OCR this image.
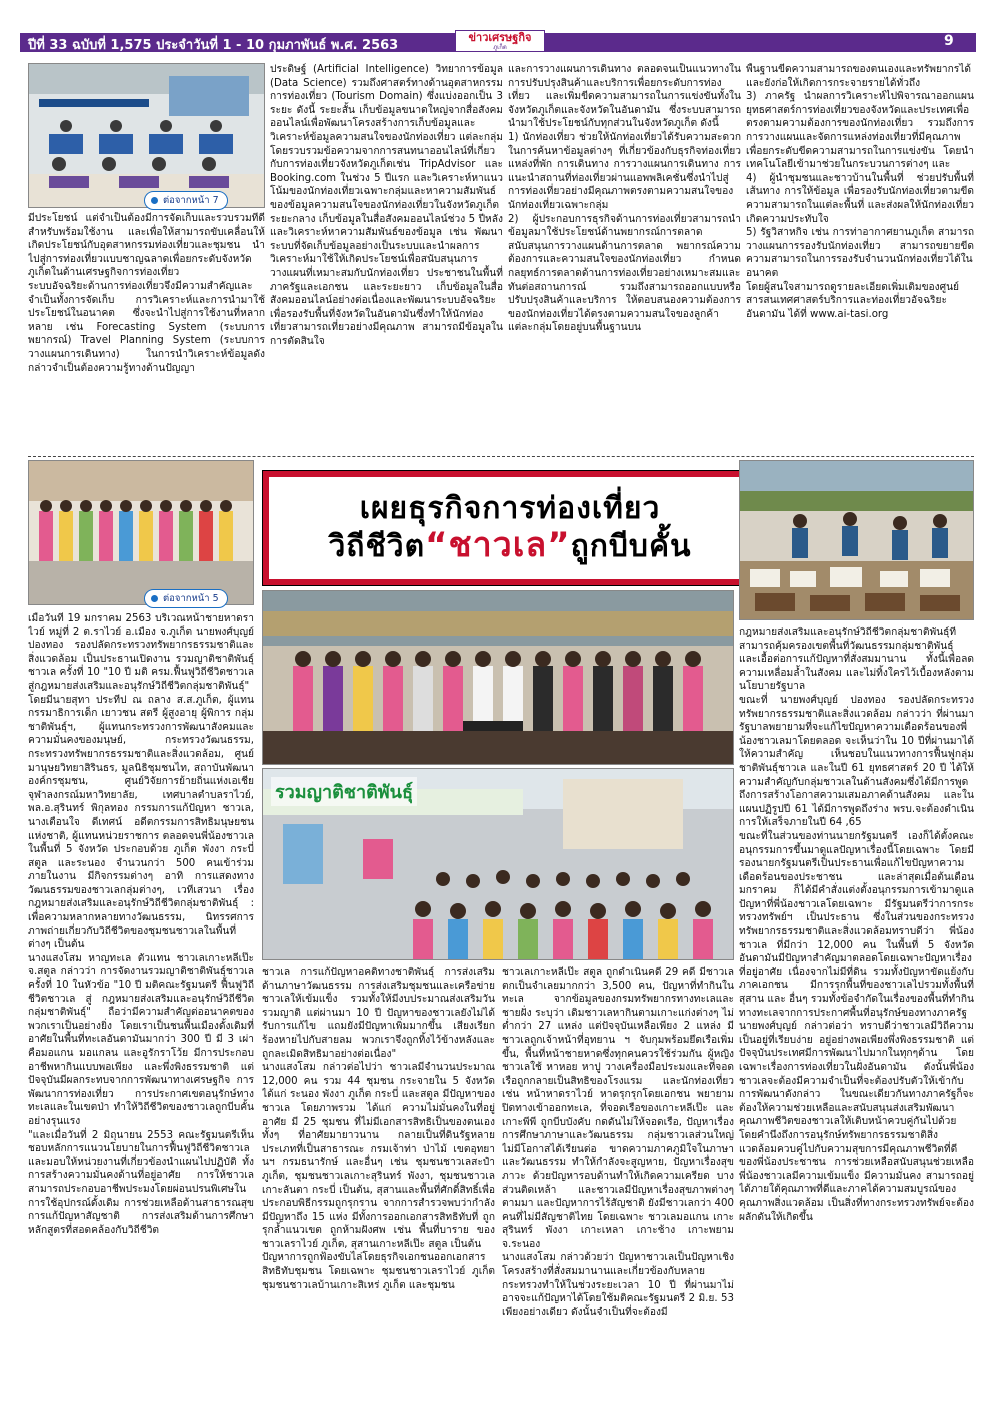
ปีที่ 33 ฉบับที่ 1,575 ประจำวันที่ 1 - 10 กุมภาพันธ์ พ.ศ. 2563
ข่าวเศรษฐกิจ
ภูเก็ต	9
ต่อจากหน้า 7

มีประโยชน์ แต่จำเป็นต้องมีการจัดเก็บและรวบรวมที่ดีสำหรับพร้อมใช้งาน และเพื่อให้สามารถขับเคลื่อนให้เกิดประโยชน์กับอุตสาหกรรมท่องเที่ยวและชุมชน นำไปสู่การท่องเที่ยวแบบชาญฉลาดเพื่อยกระดับจังหวัดภูเก็ตในด้านเศรษฐกิจการท่องเที่ยว
ระบบอัจฉริยะด้านการท่องเที่ยวจึงมีความสำคัญและจำเป็นทั้งการจัดเก็บ การวิเคราะห์และการนำมาใช้ประโยชน์ในอนาคต ซึ่งจะนำไปสู่การใช้งานที่หลากหลาย เช่น Forecasting System (ระบบการพยากรณ์) Travel Planning System (ระบบการวางแผนการเดินทาง) ในการนำวิเคราะห์ข้อมูลดังกล่าวจำเป็นต้องความรู้ทางด้านปัญญา

ประดิษฐ์ (Artificial Intelligence) วิทยาการข้อมูล (Data Science) รวมถึงศาสตร์ทางด้านอุตสาหกรรมการท่องเที่ยว (Tourism Domain) ซึ่งแบ่งออกเป็น 3 ระยะ ดังนี้ ระยะสั้น เก็บข้อมูลขนาดใหญ่จากสื่อสังคมออนไลน์เพื่อพัฒนาโครงสร้างการเก็บข้อมูลและวิเคราะห์ข้อมูลความสนใจของนักท่องเที่ยว แต่ละกลุ่ม โดยรวบรวมข้อความจากการสนทนาออนไลน์ที่เกี่ยวกับการท่องเที่ยวจังหวัดภูเก็ตเช่น TripAdvisor และ Booking.com ในช่วง 5 ปีแรก และวิเคราะห์หาแนวโน้มของนักท่องเที่ยวเฉพาะกลุ่มและหาความสัมพันธ์ของข้อมูลความสนใจของนักท่องเที่ยวในจังหวัดภูเก็ต ระยะกลาง เก็บข้อมูลในสื่อสังคมออนไลน์ช่วง 5 ปีหลัง และวิเคราะห์หาความสัมพันธ์ของข้อมูล เช่น พัฒนาระบบที่จัดเก็บข้อมูลอย่างเป็นระบบและนำผลการวิเคราะห์มาใช้ให้เกิดประโยชน์เพื่อสนับสนุนการวางแผนที่เหมาะสมกับนักท่องเที่ยว ประชาชนในพื้นที่ ภาครัฐและเอกชน และระยะยาว เก็บข้อมูลในสื่อสังคมออนไลน์อย่างต่อเนื่องและพัฒนาระบบอัจฉริยะเพื่อรองรับพื้นที่จังหวัดในอันดามันซึ่งทำให้นักท่องเที่ยวสามารถเที่ยวอย่างมีคุณภาพ สามารถมีข้อมูลในการตัดสินใจ

และการวางแผนการเดินทาง ตลอดจนเป็นแนวทางในการปรับปรุงสินค้าและบริการเพื่อยกระดับการท่องเที่ยว และเพิ่มขีดความสามารถในการแข่งขันทั้งในจังหวัดภูเก็ตและจังหวัดในอันดามัน ซึ่งระบบสามารถนำมาใช้ประโยชน์กับทุกส่วนในจังหวัดภูเก็ต ดังนี้
1) นักท่องเที่ยว ช่วยให้นักท่องเที่ยวได้รับความสะดวกในการค้นหาข้อมูลต่างๆ ที่เกี่ยวข้องกับธุรกิจท่องเที่ยว แหล่งที่พัก การเดินทาง การวางแผนการเดินทาง การแนะนำสถานที่ท่องเที่ยวผ่านแอพพลิเคชั่นซึ่งนำไปสู่การท่องเที่ยวอย่างมีคุณภาพตรงตามความสนใจของนักท่องเที่ยวเฉพาะกลุ่ม
2) ผู้ประกอบการธุรกิจด้านการท่องเที่ยวสามารถนำข้อมูลมาใช้ประโยชน์ด้านพยากรณ์การตลาด สนับสนุนการวางแผนด้านการตลาด พยากรณ์ความต้องการและความสนใจของนักท่องเที่ยว กำหนดกลยุทธ์การตลาดด้านการท่องเที่ยวอย่างเหมาะสมและทันต่อสถานการณ์ รวมถึงสามารถออกแบบหรือปรับปรุงสินค้าและบริการ ให้ตอบสนองความต้องการของนักท่องเที่ยวได้ตรงตามความสนใจของลูกค้าแต่ละกลุ่มโดยอยู่บนพื้นฐานบน

พื้นฐานขีดความสามารถของตนเองและทรัพยากรได้ และยังก่อให้เกิดการกระจายรายได้ทั่วถึง
3) ภาครัฐ นำผลการวิเคราะห์ไปพิจารณาออกแผนยุทธศาสตร์การท่องเที่ยวของจังหวัดและประเทศเพื่อตรงตามความต้องการของนักท่องเที่ยว รวมถึงการการวางแผนและจัดการแหล่งท่องเที่ยวที่มีคุณภาพเพื่อยกระดับขีดความสามารถในการแข่งขัน โดยนำเทคโนโลยีเข้ามาช่วยในกระบวนการต่างๆ และ
4) ผู้นำชุมชนและชาวบ้านในพื้นที่ ช่วยปรับพื้นที่ เส้นทาง การให้ข้อมูล เพื่อรองรับนักท่องเที่ยวตามขีดความสามารถในแต่ละพื้นที่ และส่งผลให้นักท่องเที่ยวเกิดความประทับใจ
5) รัฐวิสาหกิจ เช่น การท่าอากาศยานภูเก็ต สามารถวางแผนการรองรับนักท่องเที่ยว สามารถขยายขีดความสามารถในการรองรับจำนวนนักท่องเที่ยวได้ในอนาคต
โดยผู้สนใจสามารถดูรายละเอียดเพิ่มเติมของศูนย์สารสนเทศศาสตร์บริการและท่องเที่ยวอัจฉริยะอันดามัน ได้ที่ www.ai-tasi.org

ต่อจากหน้า 5
เผยธุรกิจการท่องเที่ยว
วิถีชีวิต“ชาวเล”ถูกบีบคั้น
รวมญาติชาติพันธุ์

เมื่อวันที่ 19 มกราคม 2563 บริเวณหน้าชายหาดราไวย์ หมู่ที่ 2 ต.ราไวย์ อ.เมือง จ.ภูเก็ต นายพงศ์บุญย์ ปองทอง รองปลัดกระทรวงทรัพยากรธรรมชาติและสิ่งแวดล้อม เป็นประธานเปิดงาน รวมญาติชาติพันธุ์ชาวเล ครั้งที่ 10 "10 ปี มติ ครม.ฟื้นฟูวิถีชีวิตชาวเล สู่กฎหมายส่งเสริมและอนุรักษ์วิถีชีวิตกลุ่มชาติพันธุ์" โดยมีนายสุทา ประทีป ณ ถลาง ส.ส.ภูเก็ต, ผู้แทนกรรมาธิการเด็ก เยาวชน สตรี ผู้สูงอายุ ผู้พิการ กลุ่มชาติพันธุ์ฯ, ผู้แทนกระทรวงการพัฒนาสังคมและความมั่นคงของมนุษย์, กระทรวงวัฒนธรรม, กระทรวงทรัพยากรธรรมชาติและสิ่งแวดล้อม, ศูนย์มานุษยวิทยาสิรินธร, มูลนิธิชุมชนไท, สถาบันพัฒนาองค์กรชุมชน, ศูนย์วิจัยการย้ายถิ่นแห่งเอเชีย จุฬาลงกรณ์มหาวิทยาลัย, เทศบาลตำบลราไวย์, พล.อ.สุรินทร์ พิกุลทอง กรรมการแก้ปัญหา ชาวเล, นางเตือนใจ ดีเทศน์ อดีตกรรมการสิทธิมนุษยชนแห่งชาติ, ผู้แทนหน่วยราชการ ตลอดจนพี่น้องชาวเลในพื้นที่ 5 จังหวัด ประกอบด้วย ภูเก็ต พังงา กระบี่ สตูล และระนอง จำนวนกว่า 500 คนเข้าร่วม ภายในงาน มีกิจกรรมต่างๆ อาทิ การแสดงทางวัฒนธรรมของชาวเลกลุ่มต่างๆ, เวทีเสวนา เรื่อง กฎหมายส่งเสริมและอนุรักษ์วิถีชีวิตกลุ่มชาติพันธุ์ : เพื่อความหลากหลายทางวัฒนธรรม, นิทรรศการภาพถ่ายเกี่ยวกับวิถีชีวิตของชุมชนชาวเลในพื้นที่ต่างๆ เป็นต้น
นางแสงโสม หาญทะเล ตัวแทน ชาวเลเกาะหลีเป๊ะ จ.สตูล กล่าวว่า การจัดงานรวมญาติชาติพันธุ์ชาวเล ครั้งที่ 10 ในหัวข้อ "10 ปี มติคณะรัฐมนตรี ฟื้นฟูวิถีชีวิตชาวเล สู่ กฎหมายส่งเสริมและอนุรักษ์วิถีชีวิตกลุ่มชาติพันธุ์" ถือว่ามีความสำคัญต่ออนาคตของพวกเราเป็นอย่างยิ่ง โดยเราเป็นชนพื้นเมืองดั้งเดิมที่อาศัยในพื้นที่ทะเลอันดามันมากว่า 300 ปี มี 3 เผ่า คือมอแกน มอแกลน และอูรักราโว้ย มีการประกอบอาชีพหากินแบบพอเพียง และพึ่งพิงธรรมชาติ แต่ปัจจุบันมีผลกระทบจากการพัฒนาทางเศรษฐกิจ การพัฒนาการท่องเที่ยว การประกาศเขตอนุรักษ์ทางทะเลและในเขตป่า ทำให้วิถีชีวิตของชาวเลถูกบีบคั้นอย่างรุนแรง
"และเมื่อวันที่ 2 มิถุนายน 2553 คณะรัฐมนตรีเห็นชอบหลักการแนวนโยบายในการฟื้นฟูวิถีชีวิตชาวเล และมอบให้หน่วยงานที่เกี่ยวข้องนำแผนไปปฏิบัติ ทั้งการสร้างความมั่นคงด้านที่อยู่อาศัย การให้ชาวเลสามารถประกอบอาชีพประมงโดยผ่อนปรนพิเศษในการใช้อุปกรณ์ดั้งเดิม การช่วยเหลือด้านสาธารณสุข การแก้ปัญหาสัญชาติ การส่งเสริมด้านการศึกษาหลักสูตรที่สอดคล้องกับวิถีชีวิต

ชาวเล การแก้ปัญหาอคติทางชาติพันธุ์ การส่งเสริมด้านภาษาวัฒนธรรม การส่งเสริมชุมชนและเครือข่ายชาวเลให้เข้มแข็ง รวมทั้งให้มีงบประมาณส่งเสริมวันรวมญาติ แต่ผ่านมา 10 ปี ปัญหาของชาวเลยังไม่ได้รับการแก้ไข แถมยังมีปัญหาเพิ่มมากขึ้น เสียงเรียกร้องหายไปกับสายลม พวกเราจึงถูกทิ้งไว้ข้างหลังและถูกละเมิดสิทธิมาอย่างต่อเนื่อง"
นางแสงโสม กล่าวต่อไปว่า ชาวเลมีจำนวนประมาณ 12,000 คน รวม 44 ชุมชน กระจายใน 5 จังหวัด ได้แก่ ระนอง พังงา ภูเก็ต กระบี่ และสตูล มีปัญหาของชาวเล โดยภาพรวม ได้แก่ ความไม่มั่นคงในที่อยู่อาศัย มี 25 ชุมชน ที่ไม่มีเอกสารสิทธิเป็นของตนเอง ทั้งๆ ที่อาศัยมายาวนาน กลายเป็นที่ดินรัฐหลายประเภทที่เป็นสาธารณะ กรมเจ้าท่า ป่าไม้ เขตอุทยานฯ กรมธนารักษ์ และอื่นๆ เช่น ชุมชนชาวเลสะปำ ภูเก็ต, ชุมชนชาวเลเกาะสุรินทร์ พังงา, ชุมชนชาวเลเกาะลันตา กระบี่ เป็นต้น, สุสานและพื้นที่ศักดิ์สิทธิ์เพื่อประกอบพิธีกรรมถูกรุกราน จากการสำรวจพบว่ากำลังมีปัญหาถึง 15 แห่ง มีทั้งการออกเอกสารสิทธิทับที่ ถูกรุกล้ำแนวเขต ถูกห้ามฝังศพ เช่น พื้นที่บาราย ของชาวเลราไวย์ ภูเก็ต, สุสานเกาะหลีเป๊ะ สตูล เป็นต้น
ปัญหาการถูกฟ้องขับไล่โดยธุรกิจเอกชนออกเอกสารสิทธิทับชุมชน โดยเฉพาะ ชุมชนชาวเลราไวย์ ภูเก็ต ชุมชนชาวเลบ้านเกาะสิเหร่ ภูเก็ต และชุมชน

ชาวเลเกาะหลีเป๊ะ สตูล ถูกดำเนินคดี 29 คดี มีชาวเลตกเป็นจำเลยมากกว่า 3,500 คน, ปัญหาที่ทำกินในทะเล จากข้อมูลของกรมทรัพยากรทางทะเลและชายฝั่ง ระบุว่า เดิมชาวเลหากินตามเกาะแก่งต่างๆ ไม่ต่ำกว่า 27 แหล่ง แต่ปัจจุบันเหลือเพียง 2 แหล่ง มีชาวเลถูกเจ้าหน้าที่อุทยาน ฯ จับกุมพร้อมยึดเรือเพิ่มขึ้น, พื้นที่หน้าชายหาดซึ่งทุกคนควรใช้ร่วมกัน ผู้หญิงชาวเลใช้ หาหอย หาปู วางเครื่องมือประมงและที่จอดเรือถูกกลายเป็นสิทธิของโรงแรม และนักท่องเที่ยว เช่น หน้าหาดราไวย์ หาดรุกรุกโดยเอกชน พยายามปิดทางเข้าออกทะเล, ที่จอดเรือของเกาะหลีเป๊ะ และเกาะพีพี ถูกบีบบังคับ กดดันไม่ให้จอดเรือ, ปัญหาเรื่องการศึกษาภาษาและวัฒนธรรม กลุ่มชาวเลส่วนใหญ่ ไม่มีโอกาสได้เรียนต่อ ขาดความภาคภูมิใจในภาษาและวัฒนธรรม ทำให้กำลังจะสูญหาย, ปัญหาเรื่องสุขภาวะ ด้วยปัญหารอบด้านทำให้เกิดความเครียด บางส่วนติดเหล้า และชาวเลมีปัญหาเรื่องสุขภาพต่างๆตามมา และปัญหาการไร้สัญชาติ ยังมีชาวเลกว่า 400 คนที่ไม่มีสัญชาติไทย โดยเฉพาะ ชาวเลมอแกน เกาะสุรินทร์ พังงา เกาะเหลา เกาะช้าง เกาะพยาม จ.ระนอง
นางแสงโสม กล่าวด้วยว่า ปัญหาชาวเลเป็นปัญหาเชิงโครงสร้างที่สั่งสมมานานและเกี่ยวข้องกับหลายกระทรวงทำให้ในช่วงระยะเวลา 10 ปี ที่ผ่านมาไม่อาจจะแก้ปัญหาได้โดยใช้มติคณะรัฐมนตรี 2 มิ.ย. 53 เพียงอย่างเดียว ดังนั้นจำเป็นที่จะต้องมี

กฎหมายส่งเสริมและอนุรักษ์วิถีชีวิตกลุ่มชาติพันธุ์ที่สามารถคุ้มครองเขตพื้นที่วัฒนธรรมกลุ่มชาติพันธุ์ และเอื้อต่อการแก้ปัญหาที่สั่งสมมานาน ทั้งนี้เพื่อลดความเหลื่อมล้ำในสังคม และไม่ทิ้งใครไว้เบื้องหลังตามนโยบายรัฐบาล
ขณะที่ นายพงศ์บุญย์ ปองทอง รองปลัดกระทรวงทรัพยากรธรรมชาติและสิ่งแวดล้อม กล่าวว่า ที่ผ่านมารัฐบาลพยายามที่จะแก้ไขปัญหาความเดือดร้อนของพี่น้องชาวเลมาโดยตลอด จะเห็นว่าใน 10 ปีที่ผ่านมาได้ให้ความสำคัญ เห็นชอบในแนวทางการฟื้นฟูกลุ่มชาติพันธุ์ชาวเล และในปี 61 ยุทธศาสตร์ 20 ปี ได้ให้ความสำคัญกับกลุ่มชาวเลในด้านสังคมซึ่งได้มีการพูดถึงการสร้างโอกาสความเสมอภาคด้านสังคม และในแผนปฏิรูปปี 61 ได้มีการพูดถึงร่าง พรบ.จะต้องดำเนินการให้เสร็จภายในปี 64 ,65
ขณะที่ในส่วนของท่านนายกรัฐมนตรี เองก็ได้ตั้งคณะอนุกรรมการขึ้นมาดูแลปัญหาเรื่องนี้โดยเฉพาะ โดยมีรองนายกรัฐมนตรีเป็นประธานเพื่อแก้ไขปัญหาความเดือดร้อนของประชาชน และล่าสุดเมื่อต้นเดือนมกราคม ก็ได้มีคำสั่งแต่งตั้งอนุกรรมการเข้ามาดูแลปัญหาที่พี่น้องชาวเลโดยเฉพาะ มีรัฐมนตรีว่าการกระทรวงทรัพย์ฯ เป็นประธาน ซึ่งในส่วนของกระทรวงทรัพยากรธรรมชาติและสิ่งแวดล้อมทราบดีว่า พี่น้องชาวเล ที่มีกว่า 12,000 คน ในพื้นที่ 5 จังหวัดอันดามันมีปัญหาสำคัญมาตลอดโดยเฉพาะปัญหาเรื่องที่อยู่อาศัย เนื่องจากไม่มีที่ดิน รวมทั้งปัญหาขัดแย้งกับภาคเอกชน มีการรุกพื้นที่ของชาวเลไปรวมทั้งพื้นที่สุสาน และ อื่นๆ รวมทั้งข้อจำกัดในเรื่องของพื้นที่ทำกินทางทะเลจากการประกาศพื้นที่อนุรักษ์ของทางภาครัฐ
นายพงศ์บุญย์ กล่าวต่อว่า ทราบดีว่าชาวเลมีวิถีความเป็นอยู่ที่เรียบง่าย อยู่อย่างพอเพียงพึ่งพิงธรรมชาติ แต่ปัจจุบันประเทศมีการพัฒนาไปมากในทุกๆด้าน โดยเฉพาะเรื่องการท่องเที่ยวในฝั่งอันดามัน ดังนั้นพี่น้องชาวเลจะต้องมีความจำเป็นที่จะต้องปรับตัวให้เข้ากับการพัฒนาดังกล่าว ในขณะเดียวกันทางภาครัฐก็จะต้องให้ความช่วยเหลือและสนับสนุนส่งเสริมพัฒนาคุณภาพชีวิตของชาวเลให้เติบหน้าควบคู่กันไปด้วย โดยคำนึงถึงการอนุรักษ์ทรัพยากรธรรมชาติสิ่งแวดล้อมควบคู่ไปกับความสุขการมีคุณภาพชีวิตที่ดีของพี่น้องประชาชน การช่วยเหลือสนับสนุนช่วยเหลือพี่น้องชาวเลมีความเข้มแข็ง มีความมั่นคง สามารถอยู่ได้ภายใต้คุณภาพที่ดีและภาคได้ความสมบูรณ์ของคุณภาพสิ่งแวดล้อม เป็นสิ่งที่ทางกระทรวงทรัพย์จะต้องผลักดันให้เกิดขึ้น
